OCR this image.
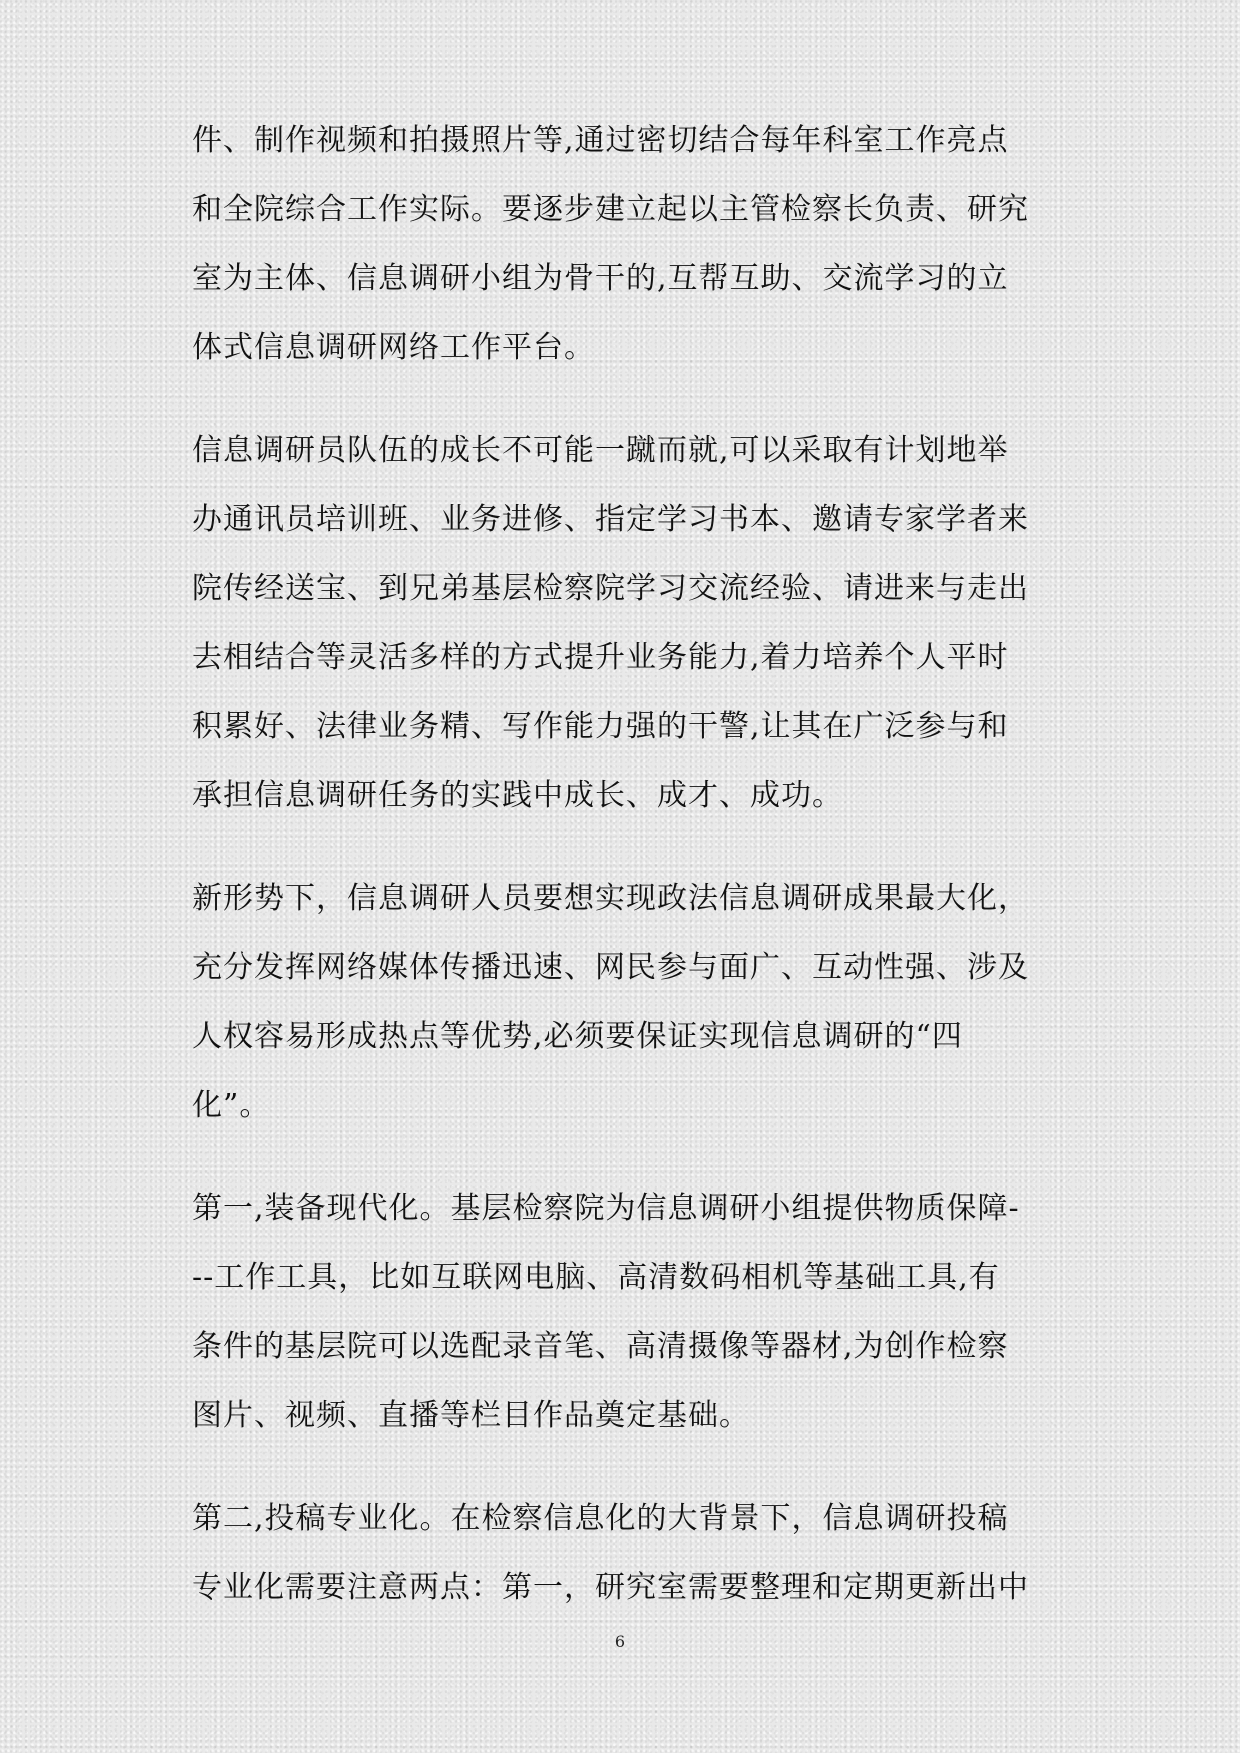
件、制作视频和拍摄照片等,通过密切结合每年科室工作亮点
和全院综合工作实际。要逐步建立起以主管检察长负责、研究
室为主体、信息调研小组为骨干的,互帮互助、交流学习的立
体式信息调研网络工作平台。

信息调研员队伍的成长不可能一蹴而就,可以采取有计划地举
办通讯员培训班、业务进修、指定学习书本、邀请专家学者来
院传经送宝、到兄弟基层检察院学习交流经验、请进来与走出
去相结合等灵活多样的方式提升业务能力,着力培养个人平时
积累好、法律业务精、写作能力强的干警,让其在广泛参与和
承担信息调研任务的实践中成长、成才、成功。

新形势下，信息调研人员要想实现政法信息调研成果最大化，
充分发挥网络媒体传播迅速、网民参与面广、互动性强、涉及
人权容易形成热点等优势,必须要保证实现信息调研的“四
化”。

第一,装备现代化。基层检察院为信息调研小组提供物质保障-
--工作工具，比如互联网电脑、高清数码相机等基础工具,有
条件的基层院可以选配录音笔、高清摄像等器材,为创作检察
图片、视频、直播等栏目作品奠定基础。

第二,投稿专业化。在检察信息化的大背景下，信息调研投稿
专业化需要注意两点：第一，研究室需要整理和定期更新出中

6
